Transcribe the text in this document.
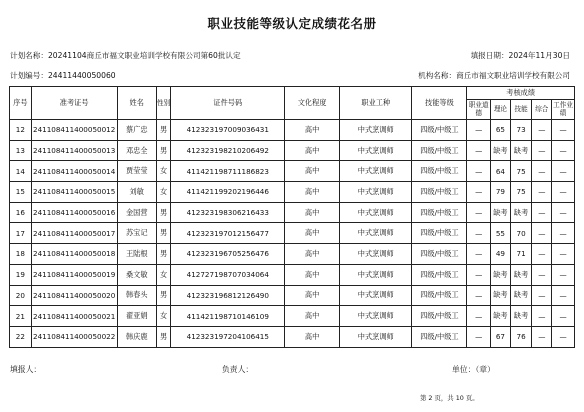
职业技能等级认定成绩花名册
计划名称：20241104商丘市福文职业培训学校有限公司第60批认定	填报日期：2024年11月30日
计划编号：24411440050060	机构名称：商丘市福文职业培训学校有限公司
序号	准考证号	姓名	性别	证件号码	文化程度	职业工种	技能等级	考核成绩				
								职业道德	理论	技能	综合	工作业绩
12	241108411400050012	蔡广忠	男	412323197009036431	高中	中式烹调师	四级/中级工	—	65	73	—	—
13	241108411400050013	邓忠全	男	412323198210206492	高中	中式烹调师	四级/中级工	—	缺考	缺考	—	—
14	241108411400050014	贾莹莹	女	411421198711186823	高中	中式烹调师	四级/中级工	—	64	75	—	—
15	241108411400050015	刘敏	女	411421199202196446	高中	中式烹调师	四级/中级工	—	79	75	—	—
16	241108411400050016	金国营	男	412323198306216433	高中	中式烹调师	四级/中级工	—	缺考	缺考	—	—
17	241108411400050017	苏宝记	男	412323197012156477	高中	中式烹调师	四级/中级工	—	55	70	—	—
18	241108411400050018	王陆根	男	412323196705256476	高中	中式烹调师	四级/中级工	—	49	71	—	—
19	241108411400050019	桑文敏	女	412727198707034064	高中	中式烹调师	四级/中级工	—	缺考	缺考	—	—
20	241108411400050020	韩春头	男	412323196812126490	高中	中式烹调师	四级/中级工	—	缺考	缺考	—	—
21	241108411400050021	翟亚娟	女	411421198710146109	高中	中式烹调师	四级/中级工	—	缺考	缺考	—	—
22	241108411400050022	韩庆鹿	男	412323197204106415	高中	中式烹调师	四级/中级工	—	67	76	—	—
填报人：	负责人：	单位：（章）
第 2 页，共 10 页。
